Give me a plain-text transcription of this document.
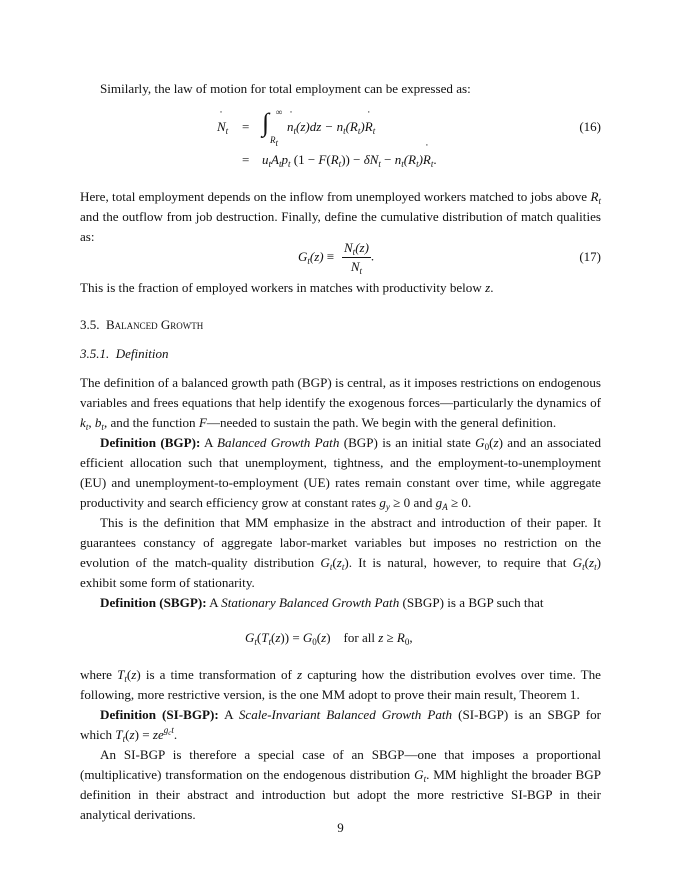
Similarly, the law of motion for total employment can be expressed as:

˙ $N_t$ = ∫ ∞
$R_t$
˙ $n_t(z)dz$ − $n_t(R_t)˙$ $R_t$
= $u_tA_tp_t$ $(1 - F(R_t)) - \delta N_t$ − $n_t(R_t)˙$ $R_t$.
(16)

Here, total employment depends on the inflow from unemployed workers matched to jobs above $R_t$ and the outflow from job destruction. Finally, define the cumulative distribution of match qualities as:

$G_t(z) \equiv \frac{N_t(z)}{N_t}$ .	(17)

This is the fraction of employed workers in matches with productivity below z.

3.5. Balanced Growth
3.5.1. Definition

The definition of a balanced growth path (BGP) is central, as it imposes restrictions on endogenous variables and frees equations that help identify the exogenous forces—particularly the dynamics of $k_t$, $b_t$, and the function F—needed to sustain the path. We begin with the general definition.

Definition (BGP): A Balanced Growth Path (BGP) is an initial state $G_0(z)$ and an associated efficient allocation such that unemployment, tightness, and the employment-to-unemployment (EU) and unemployment-to-employment (UE) rates remain constant over time, while aggregate productivity and search efficiency grow at constant rates $g_y \ge 0$ and $g_A \ge 0$.

This is the definition that MM emphasize in the abstract and introduction of their paper. It guarantees constancy of aggregate labor-market variables but imposes no restriction on the evolution of the match-quality distribution $G_t(z_t)$. It is natural, however, to require that $G_t(z_t)$ exhibit some form of stationarity.

Definition (SBGP): A Stationary Balanced Growth Path (SBGP) is a BGP such that

$G_t(T_t(z)) = G_0(z)$    for all $z \ge R_0$,

where $T_t(z)$ is a time transformation of z capturing how the distribution evolves over time. The following, more restrictive version, is the one MM adopt to prove their main result, Theorem 1.

Definition (SI-BGP): A Scale-Invariant Balanced Growth Path (SI-BGP) is an SBGP for which $T_t(z) = ze^{g_ct}$.

An SI-BGP is therefore a special case of an SBGP—one that imposes a proportional (multiplicative) transformation on the endogenous distribution $G_t$. MM highlight the broader BGP definition in their abstract and introduction but adopt the more restrictive SI-BGP in their analytical derivations.

9
